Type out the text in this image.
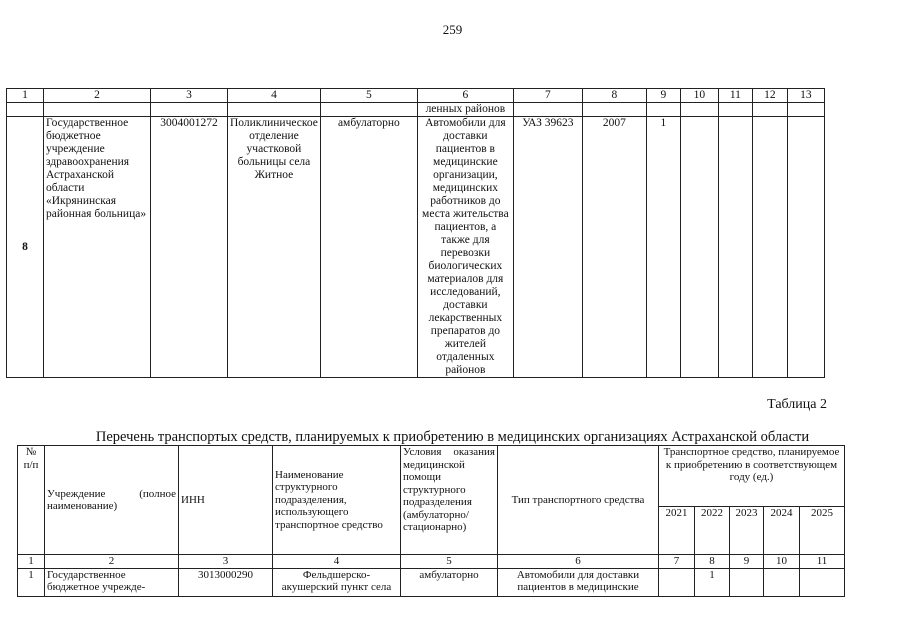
259
1	2	3	4	5	6	7	8	9	10	11	12	13
					ленных районов							
8	Государственное бюджетное учреждение здравоохранения Астраханской области «Икрянинская районная больница»	3004001272	Поликлиническое отделение участковой больницы села Житное	амбулаторно	Автомобили для доставки пациентов в медицинские организации, медицинских работников до места жительства пациентов, а также для перевозки биологических материалов для исследований, доставки лекарственных препаратов до жителей отдаленных районов	УАЗ 39623	2007	1				
Таблица 2
Перечень транспортых средств, планируемых к приобретению в медицинских организациях Астраханской области
№ п/п	Учреждение (полное наименование)	ИНН	Наименование структурного подразделения, использующего транспортное средство	Условия оказания медицинской помощи структурного подразделения (амбулаторно/стационарно)	Тип транспортного средства	Транспортное средство, планируемое к приобретению в соответствующем году (ед.)				
						2021	2022	2023	2024	2025
1	2	3	4	5	6	7	8	9	10	11
1	Государственное бюджетное учрежде-	3013000290	Фельдшерско-акушерский пункт села	амбулаторно	Автомобили для доставки пациентов в медицинские		1			
